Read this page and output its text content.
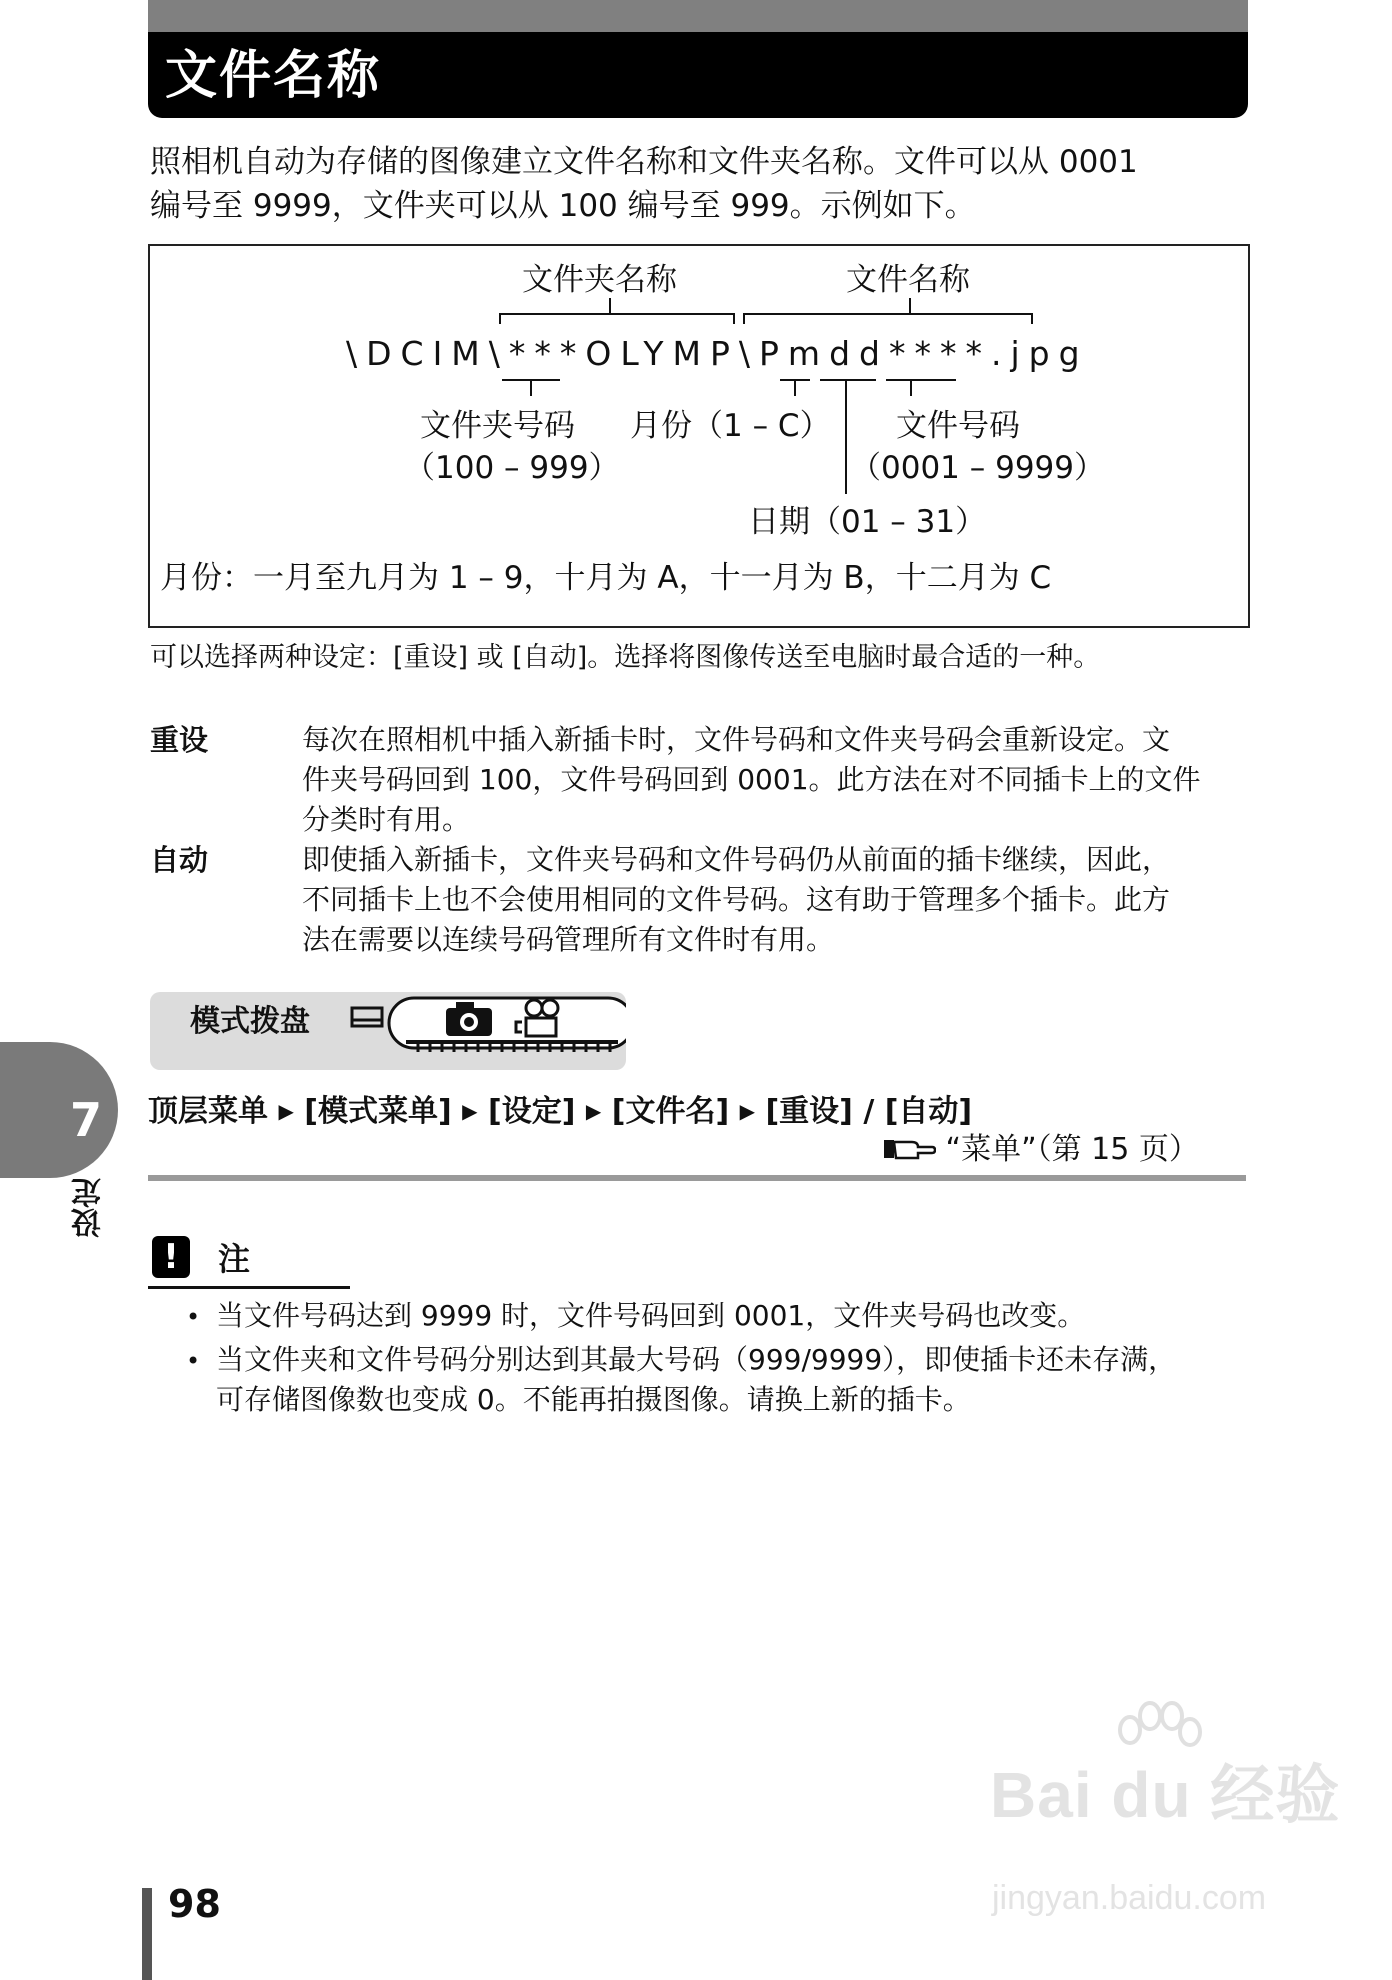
文件名称
照相机自动为存储的图像建立文件名称和文件夹名称。文件可以从 0001
编号至 9999，文件夹可以从 100 编号至 999。示例如下。
文件夹名称	文件名称
\DCIM\***OLYMP\Pmdd****.jpg
文件夹号码
（100 – 999）
月份（1 – C） 文件号码
（0001 – 9999）
日期（01 – 31）
月份：一月至九月为 1 – 9，十月为 A，十一月为 B，十二月为 C
可以选择两种设定：[重设] 或 [自动]。选择将图像传送至电脑时最合适的一种。
重设	每次在照相机中插入新插卡时，文件号码和文件夹号码会重新设定。文
件夹号码回到 100，文件号码回到 0001。此方法在对不同插卡上的文件
分类时有用。
自动	即使插入新插卡，文件夹号码和文件号码仍从前面的插卡继续，因此，
不同插卡上也不会使用相同的文件号码。这有助于管理多个插卡。此方
法在需要以连续号码管理所有文件时有用。
模式拨盘
顶层菜单 ▶ [模式菜单] ▶ [设定] ▶ [文件名] ▶ [重设] / [自动]
“菜单”（第 15 页）
7
设定
!	注
• 当文件号码达到 9999 时，文件号码回到 0001，文件夹号码也改变。
• 当文件夹和文件号码分别达到其最大号码（999/9999），即使插卡还未存满，
可存储图像数也变成 0。不能再拍摄图像。请换上新的插卡。
98
Bai du 经验
jingyan.baidu.com
